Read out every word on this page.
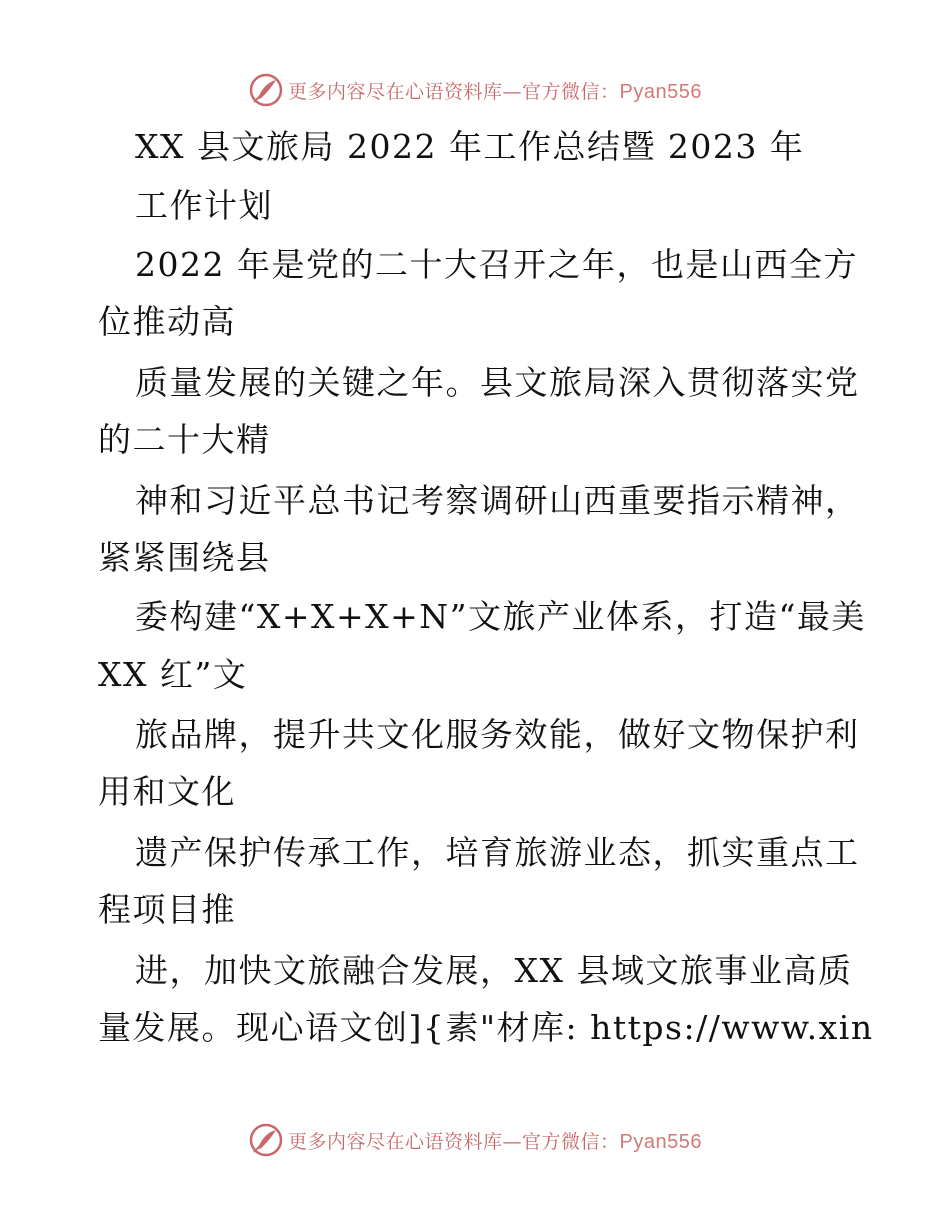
更多内容尽在心语资料库—官方微信：Pyan556
XX 县文旅局 2022 年工作总结暨 2023 年
工作计划
2022 年是党的二十大召开之年，也是山西全方
位推动高
质量发展的关键之年。县文旅局深入贯彻落实党
的二十大精
神和习近平总书记考察调研山西重要指示精神，
紧紧围绕县
委构建“X+X+X+N”文旅产业体系，打造“最美
XX 红”文
旅品牌，提升共文化服务效能，做好文物保护利
用和文化
遗产保护传承工作，培育旅游业态，抓实重点工
程项目推
进，加快文旅融合发展，XX 县域文旅事业高质
量发展。现心语文创]{素"材库: https://www.xin
更多内容尽在心语资料库—官方微信：Pyan556
